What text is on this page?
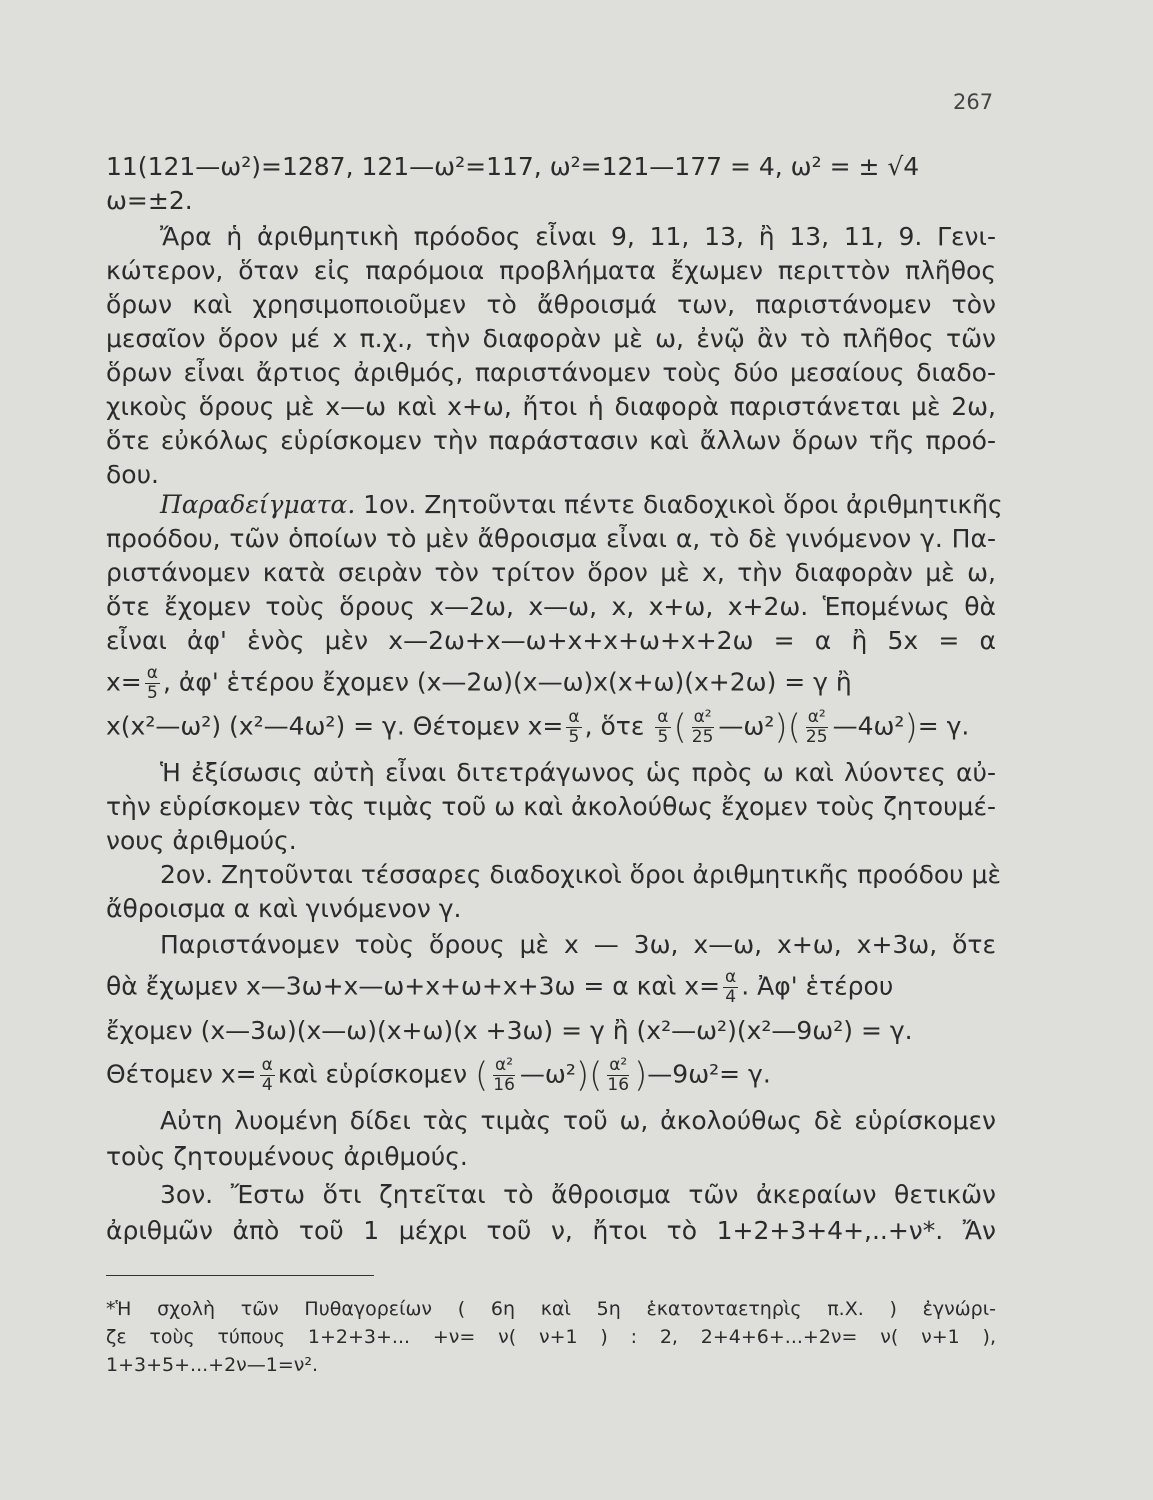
267
11(121—ω²)=1287, 121—ω²=117, ω²=121—177 = 4, ω² = ± √4
ω=±2.
Ἄρα ἡ ἀριθμητικὴ πρόοδος εἶναι 9, 11, 13, ἢ 13, 11, 9. Γενι-
κώτερον, ὅταν εἰς παρόμοια προβλήματα ἔχωμεν περιττὸν πλῆθος
ὅρων καὶ χρησιμοποιοῦμεν τὸ ἄθροισμά των, παριστάνομεν τὸν
μεσαῖον ὅρον μέ x π.χ., τὴν διαφορὰν μὲ ω, ἐνῷ ἂν τὸ πλῆθος τῶν
ὅρων εἶναι ἄρτιος ἀριθμός, παριστάνομεν τοὺς δύο μεσαίους διαδο-
χικοὺς ὅρους μὲ x—ω καὶ x+ω, ἤτοι ἡ διαφορὰ παριστάνεται μὲ 2ω,
ὅτε εὐκόλως εὑρίσκομεν τὴν παράστασιν καὶ ἄλλων ὅρων τῆς προό-
δου.
Παραδείγματα. 1ον. Ζητοῦνται πέντε διαδοχικοὶ ὅροι ἀριθμητικῆς
προόδου, τῶν ὁποίων τὸ μὲν ἄθροισμα εἶναι α, τὸ δὲ γινόμενον γ. Πα-
ριστάνομεν κατὰ σειρὰν τὸν τρίτον ὅρον μὲ x, τὴν διαφορὰν μὲ ω,
ὅτε ἔχομεν τοὺς ὅρους x—2ω, x—ω, x, x+ω, x+2ω. Ἑπομένως θὰ
εἶναι ἀφ' ἑνὸς μὲν x—2ω+x—ω+x+x+ω+x+2ω = α ἢ 5x = α
$x= \frac{\alpha}{5}$ , ἀφ' ἑτέρου ἔχομεν (x—2ω)(x—ω)x(x+ω)(x+2ω) = γ ἢ
x(x²—ω²) (x²—4ω²) = γ. Θέτομεν $x= \frac{\alpha}{5}$ , ὅτε $\frac{\alpha}{5}$ ( $\frac{\text{α²}}{25}$ —ω²)( $\frac{\text{α²}}{25}$ —4ω²)= γ.
Ἡ ἐξίσωσις αὐτὴ εἶναι διτετράγωνος ὡς πρὸς ω καὶ λύοντες αὐ-
τὴν εὑρίσκομεν τὰς τιμὰς τοῦ ω καὶ ἀκολούθως ἔχομεν τοὺς ζητουμέ-
νους ἀριθμούς.
2ον. Ζητοῦνται τέσσαρες διαδοχικοὶ ὅροι ἀριθμητικῆς προόδου μὲ
ἄθροισμα α καὶ γινόμενον γ.
Παριστάνομεν τοὺς ὅρους μὲ x — 3ω, x—ω, x+ω, x+3ω, ὅτε
θὰ ἔχωμεν x—3ω+x—ω+x+ω+x+3ω = α καὶ $x= \frac{\alpha}{4}$ . Ἀφ' ἑτέρου
ἔχομεν (x—3ω)(x—ω)(x+ω)(x +3ω) = γ ἢ (x²—ω²)(x²—9ω²) = γ.
Θέτομεν $x= \frac{\alpha}{4}$ καὶ εὑρίσκομεν ( $\frac{\text{α²}}{16}$ —ω²)( $\frac{\text{α²}}{16}$ )—9ω²= γ.
Αὐτη λυομένη δίδει τὰς τιμὰς τοῦ ω, ἀκολούθως δὲ εὑρίσκομεν
τοὺς ζητουμένους ἀριθμούς.
3ον. Ἔστω ὅτι ζητεῖται τὸ ἄθροισμα τῶν ἀκεραίων θετικῶν
ἀριθμῶν ἀπὸ τοῦ 1 μέχρι τοῦ ν, ἤτοι τὸ 1+2+3+4+,..+ν*. Ἄν
*Ἡ σχολὴ τῶν Πυθαγορείων ( 6η καὶ 5η ἑκατονταετηρὶς π.Χ. ) ἐγνώρι-
ζε τοὺς τύπους 1+2+3+... +ν= ν( ν+1 ) : 2, 2+4+6+...+2ν= ν( ν+1 ),
1+3+5+...+2ν—1=ν².
